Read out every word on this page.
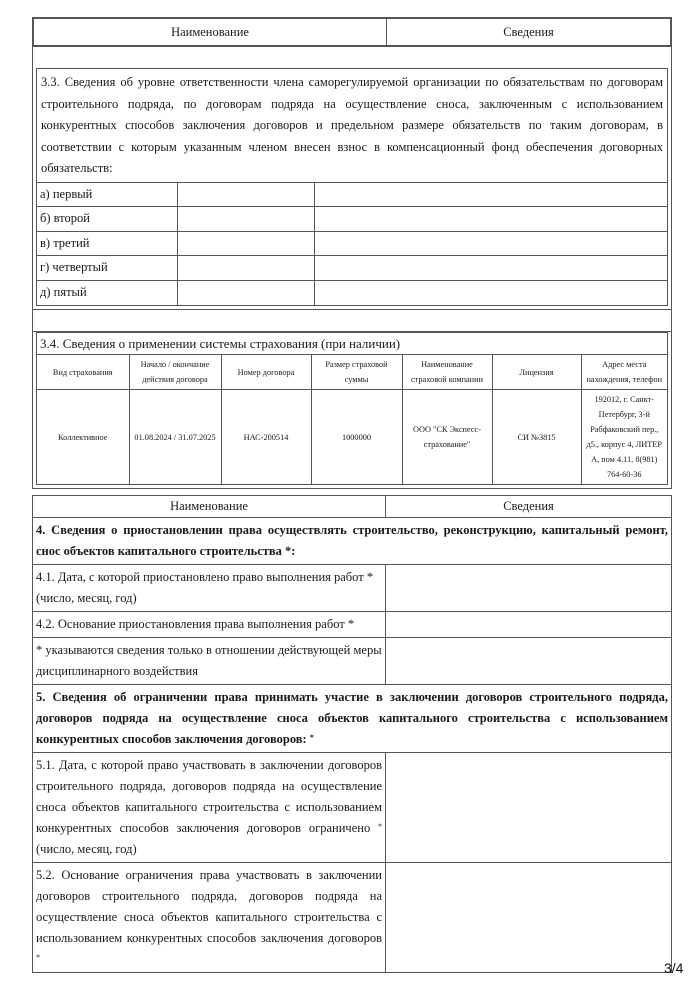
Наименование	Сведения
3.3. Сведения об уровне ответственности члена саморегулируемой организации по обязательствам по договорам строительного подряда, по договорам подряда на осуществление сноса, заключенным с использованием конкурентных способов заключения договоров и предельном размере обязательств по таким договорам, в соответствии с которым указанным членом внесен взнос в компенсационный фонд обеспечения договорных обязательств:
а) первый		
б) второй		
в) третий		
г) четвертый		
д) пятый		
3.4. Сведения о применении системы страхования (при наличии)
Вид страхования	Начало / окончание действия договора	Номер договора	Размер страховой суммы	Наименование страховой компании	Лицензия	Адрес места нахождения, телефон
Коллективное	01.08.2024 / 31.07.2025	НАС-200514	1000000	ООО "СК Экспесс-страхование"	СИ №3815	192012, г. Санкт-Петербург, 3-й Рабфаковский пер., д5., корпус 4, ЛИТЕР А, пом 4.11, 8(981) 764-60-36
Наименование	Сведения
4. Сведения о приостановлении права осуществлять строительство, реконструкцию, капитальный ремонт, снос объектов капитального строительства *:	
4.1. Дата, с которой приостановлено право выполнения работ * (число, месяц, год)	
4.2. Основание приостановления права выполнения работ *	
* указываются сведения только в отношении действующей меры дисциплинарного воздействия	
5. Сведения об ограничении права принимать участие в заключении договоров строительного подряда, договоров подряда на осуществление сноса объектов капитального строительства с использованием конкурентных способов заключения договоров: *
5.1. Дата, с которой право участвовать в заключении договоров строительного подряда, договоров подряда на осуществление сноса объектов капитального строительства с использованием конкурентных способов заключения договоров ограничено * (число, месяц, год)	
5.2. Основание ограничения права участвовать в заключении договоров строительного подряда, договоров подряда на осуществление сноса объектов капитального строительства с использованием конкурентных способов заключения договоров *	
3/4
